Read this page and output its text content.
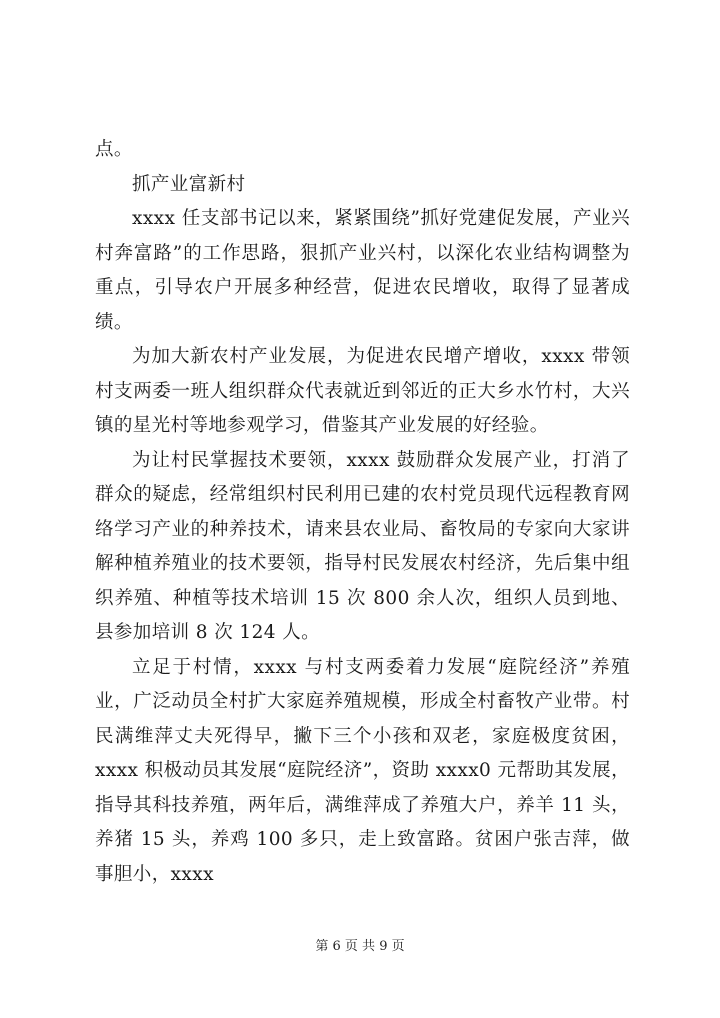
点。

抓产业富新村

xxxx 任支部书记以来，紧紧围绕”抓好党建促发展，产业兴村奔富路”的工作思路，狠抓产业兴村，以深化农业结构调整为重点，引导农户开展多种经营，促进农民增收，取得了显著成绩。

为加大新农村产业发展，为促进农民增产增收，xxxx 带领村支两委一班人组织群众代表就近到邻近的正大乡水竹村，大兴镇的星光村等地参观学习，借鉴其产业发展的好经验。

为让村民掌握技术要领，xxxx 鼓励群众发展产业，打消了群众的疑虑，经常组织村民利用已建的农村党员现代远程教育网络学习产业的种养技术，请来县农业局、畜牧局的专家向大家讲解种植养殖业的技术要领，指导村民发展农村经济，先后集中组织养殖、种植等技术培训 15 次 800 余人次，组织人员到地、县参加培训 8 次 124 人。

立足于村情，xxxx 与村支两委着力发展“庭院经济”养殖业，广泛动员全村扩大家庭养殖规模，形成全村畜牧产业带。村民满维萍丈夫死得早，撇下三个小孩和双老，家庭极度贫困，xxxx 积极动员其发展“庭院经济”，资助 xxxx0 元帮助其发展，指导其科技养殖，两年后，满维萍成了养殖大户，养羊 11 头，养猪 15 头，养鸡 100 多只，走上致富路。贫困户张吉萍，做事胆小，xxxx

第 6 页 共 9 页
